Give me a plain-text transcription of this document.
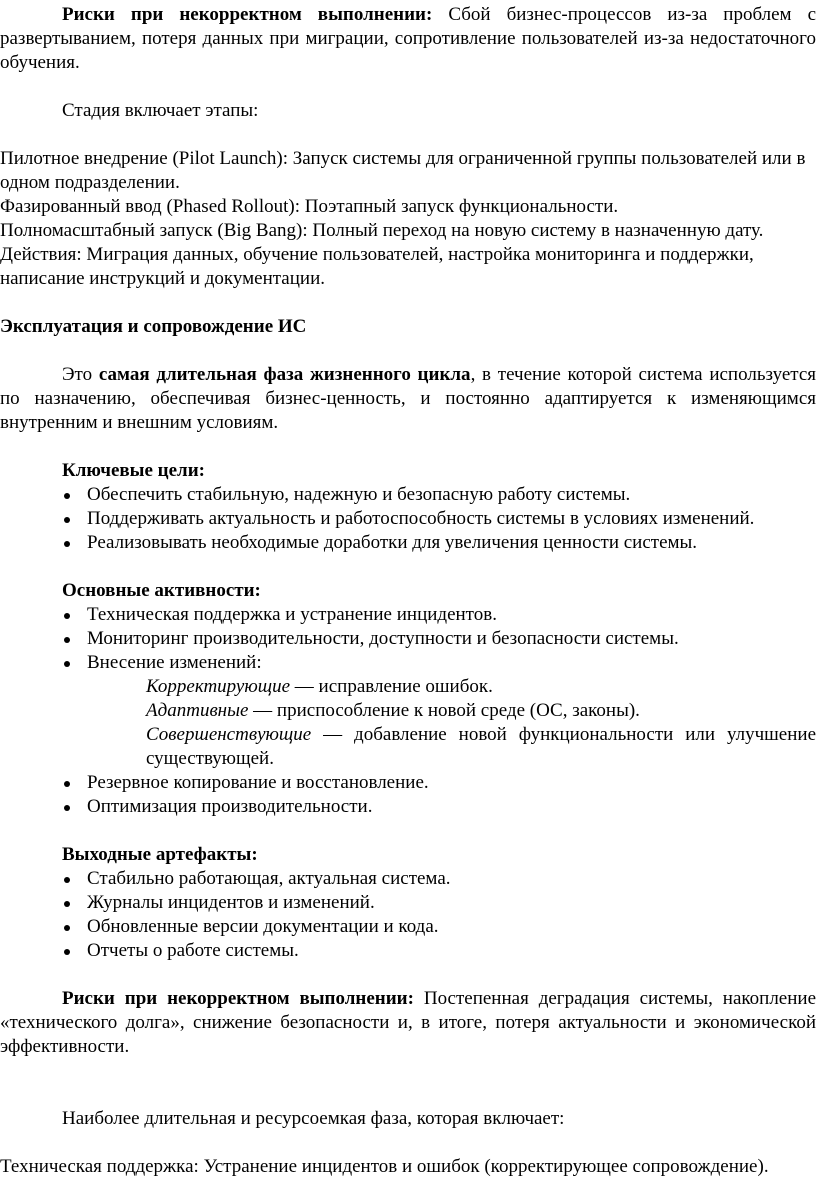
Риски при некорректном выполнении: Сбой бизнес-процессов из-за проблем с развертыванием, потеря данных при миграции, сопротивление пользователей из-за недостаточного обучения.

Стадия включает этапы:

Пилотное внедрение (Pilot Launch): Запуск системы для ограниченной группы пользователей или в одном подразделении.

Фазированный ввод (Phased Rollout): Поэтапный запуск функциональности.

Полномасштабный запуск (Big Bang): Полный переход на новую систему в назначенную дату.

Действия: Миграция данных, обучение пользователей, настройка мониторинга и поддержки, написание инструкций и документации.

Эксплуатация и сопровождение ИС

Это самая длительная фаза жизненного цикла, в течение которой система используется по назначению, обеспечивая бизнес-ценность, и постоянно адаптируется к изменяющимся внутренним и внешним условиям.

Ключевые цели:

Обеспечить стабильную, надежную и безопасную работу системы.
Поддерживать актуальность и работоспособность системы в условиях изменений.
Реализовывать необходимые доработки для увеличения ценности системы.

Основные активности:

Техническая поддержка и устранение инцидентов.
Мониторинг производительности, доступности и безопасности системы.
Внесение изменений:

Корректирующие — исправление ошибок.

Адаптивные — приспособление к новой среде (ОС, законы).

Совершенствующие — добавление новой функциональности или улучшение существующей.

Резервное копирование и восстановление.
Оптимизация производительности.

Выходные артефакты:

Стабильно работающая, актуальная система.
Журналы инцидентов и изменений.
Обновленные версии документации и кода.
Отчеты о работе системы.

Риски при некорректном выполнении: Постепенная деградация системы, накопление «технического долга», снижение безопасности и, в итоге, потеря актуальности и экономической эффективности.

Наиболее длительная и ресурсоемкая фаза, которая включает:

Техническая поддержка: Устранение инцидентов и ошибок (корректирующее сопровождение).
